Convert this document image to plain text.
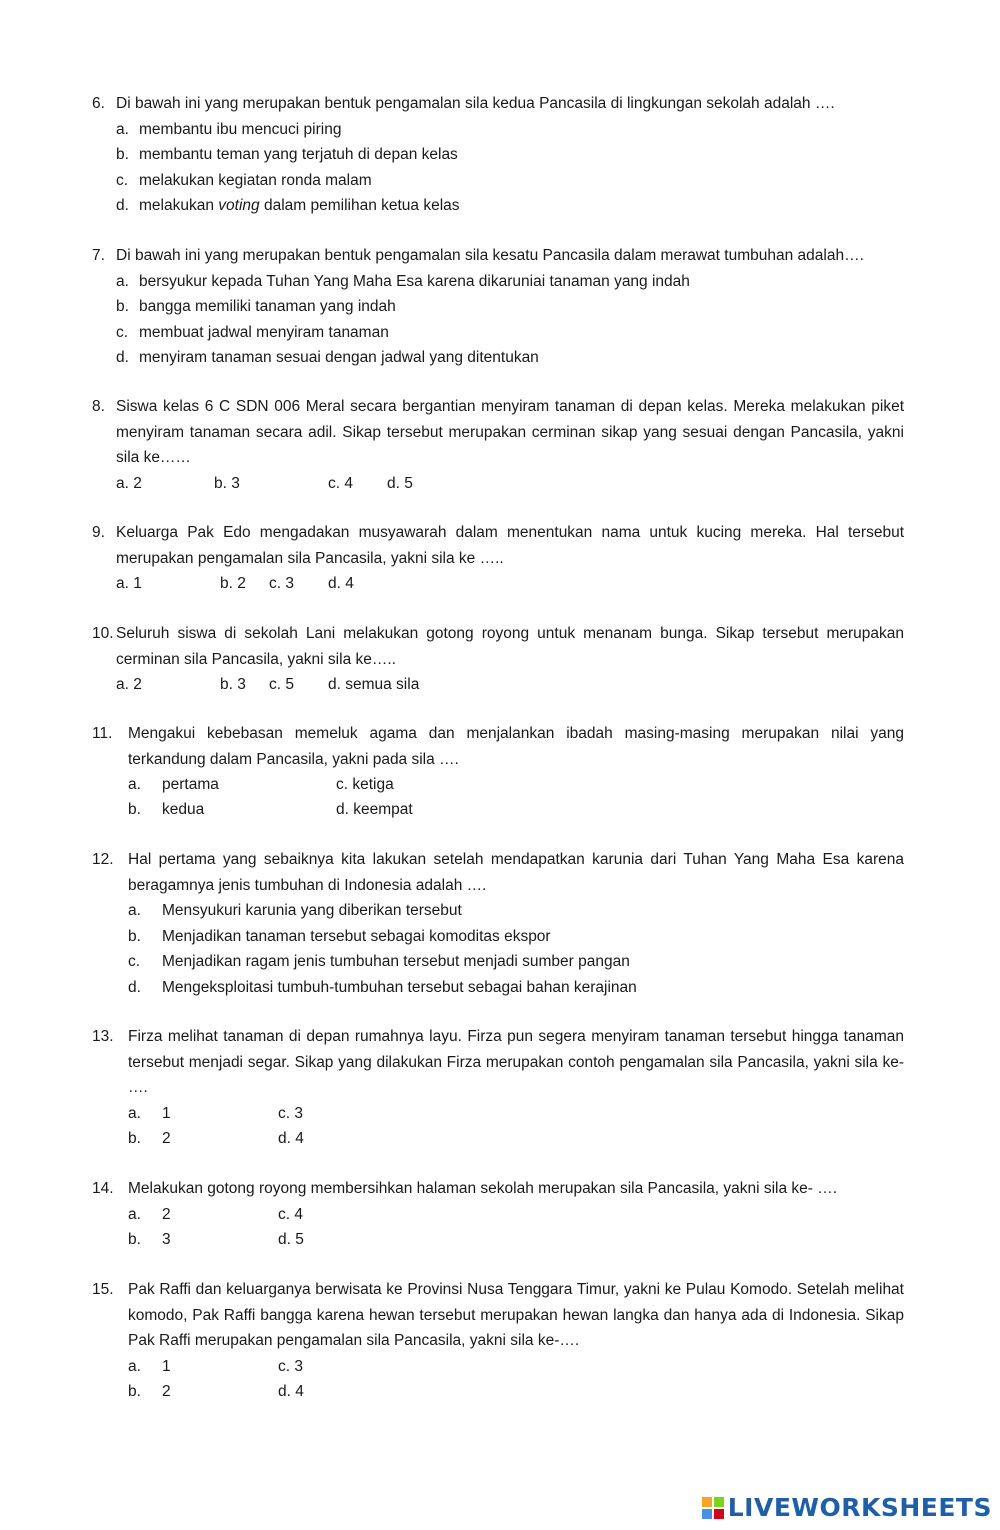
6. Di bawah ini yang merupakan bentuk pengamalan sila kedua Pancasila di lingkungan sekolah adalah ….
a. membantu ibu mencuci piring
b. membantu teman yang terjatuh di depan kelas
c. melakukan kegiatan ronda malam
d. melakukan voting dalam pemilihan ketua kelas
7. Di bawah ini yang merupakan bentuk pengamalan sila kesatu Pancasila dalam merawat tumbuhan adalah….
a. bersyukur kepada Tuhan Yang Maha Esa karena dikaruniai tanaman yang indah
b. bangga memiliki tanaman yang indah
c. membuat jadwal menyiram tanaman
d. menyiram tanaman sesuai dengan jadwal yang ditentukan
8. Siswa kelas 6 C SDN 006 Meral secara bergantian menyiram tanaman di depan kelas. Mereka melakukan piket menyiram tanaman secara adil. Sikap tersebut merupakan cerminan sikap yang sesuai dengan Pancasila, yakni sila ke……
a. 2	b. 3	c. 4 d. 5
9. Keluarga Pak Edo mengadakan musyawarah dalam menentukan nama untuk kucing mereka. Hal tersebut merupakan pengamalan sila Pancasila, yakni sila ke …..
a. 1	b. 2 c. 3 d. 4
10. Seluruh siswa di sekolah Lani melakukan gotong royong untuk menanam bunga. Sikap tersebut merupakan cerminan sila Pancasila, yakni sila ke…..
a. 2	b. 3 c. 5 d. semua sila
11.	Mengakui kebebasan memeluk agama dan menjalankan ibadah masing-masing merupakan nilai yang terkandung dalam Pancasila, yakni pada sila ….
a.	pertama	c. ketiga
b.	kedua	d. keempat
12. Hal pertama yang sebaiknya kita lakukan setelah mendapatkan karunia dari Tuhan Yang Maha Esa karena beragamnya jenis tumbuhan di Indonesia adalah ….
a.	Mensyukuri karunia yang diberikan tersebut
b.	Menjadikan tanaman tersebut sebagai komoditas ekspor
c.	Menjadikan ragam jenis tumbuhan tersebut menjadi sumber pangan
d.	Mengeksploitasi tumbuh-tumbuhan tersebut sebagai bahan kerajinan
13. Firza melihat tanaman di depan rumahnya layu. Firza pun segera menyiram tanaman tersebut hingga tanaman tersebut menjadi segar. Sikap yang dilakukan Firza merupakan contoh pengamalan sila Pancasila, yakni sila ke- ….
a.	1	c. 3
b.	2	d. 4
14. Melakukan gotong royong membersihkan halaman sekolah merupakan sila Pancasila, yakni sila ke- ….
a.	2	c. 4
b.	3	d. 5
15. Pak Raffi dan keluarganya berwisata ke Provinsi Nusa Tenggara Timur, yakni ke Pulau Komodo. Setelah melihat komodo, Pak Raffi bangga karena hewan tersebut merupakan hewan langka dan hanya ada di Indonesia. Sikap Pak Raffi merupakan pengamalan sila Pancasila, yakni sila ke-….
a.	1	c. 3
b.	2	d. 4
LIVEWORKSHEETS
